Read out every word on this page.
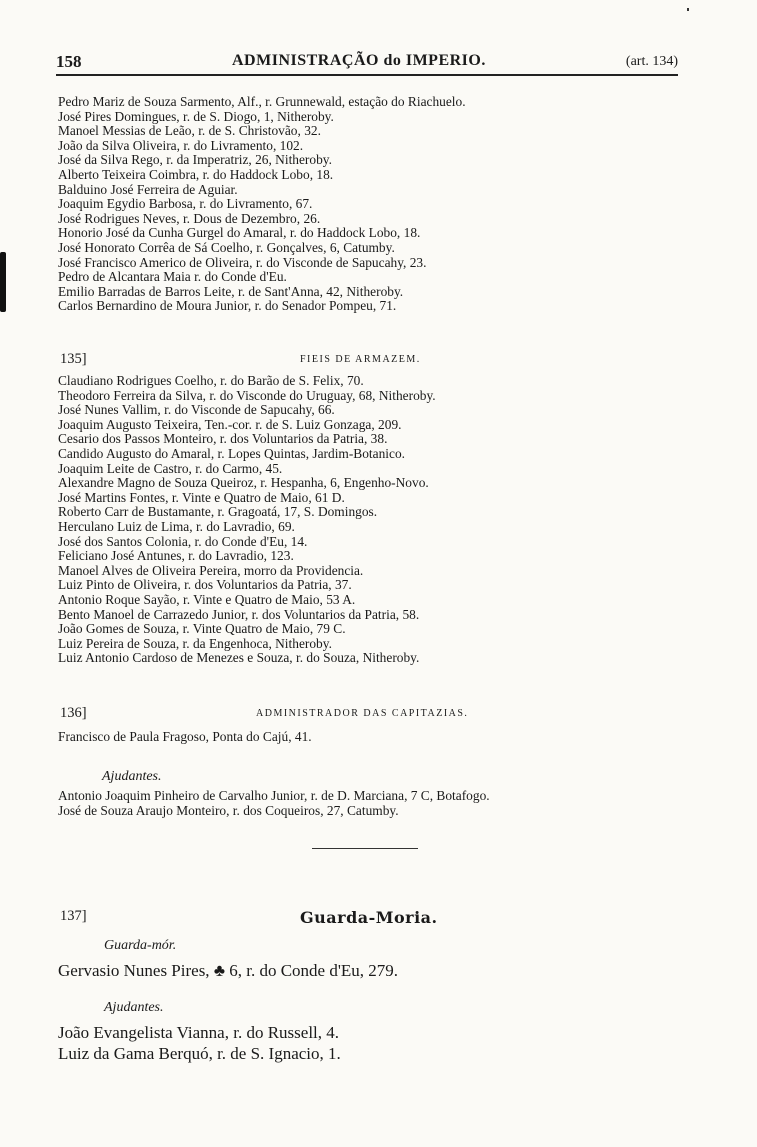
158	ADMINISTRAÇÃO do IMPERIO.	(art. 134)
Pedro Mariz de Souza Sarmento, Alf., r. Grunnewald, estação do Riachuelo.
José Pires Domingues, r. de S. Diogo, 1, Nitheroby.
Manoel Messias de Leão, r. de S. Christovão, 32.
João da Silva Oliveira, r. do Livramento, 102.
José da Silva Rego, r. da Imperatriz, 26, Nitheroby.
Alberto Teixeira Coimbra, r. do Haddock Lobo, 18.
Balduino José Ferreira de Aguiar.
Joaquim Egydio Barbosa, r. do Livramento, 67.
José Rodrigues Neves, r. Dous de Dezembro, 26.
Honorio José da Cunha Gurgel do Amaral, r. do Haddock Lobo, 18.
José Honorato Corrêa de Sá Coelho, r. Gonçalves, 6, Catumby.
José Francisco Americo de Oliveira, r. do Visconde de Sapucahy, 23.
Pedro de Alcantara Maia r. do Conde d'Eu.
Emilio Barradas de Barros Leite, r. de Sant'Anna, 42, Nitheroby.
Carlos Bernardino de Moura Junior, r. do Senador Pompeu, 71.
135]	FIEIS DE ARMAZEM.
Claudiano Rodrigues Coelho, r. do Barão de S. Felix, 70.
Theodoro Ferreira da Silva, r. do Visconde do Uruguay, 68, Nitheroby.
José Nunes Vallim, r. do Visconde de Sapucahy, 66.
Joaquim Augusto Teixeira, Ten.-cor. r. de S. Luiz Gonzaga, 209.
Cesario dos Passos Monteiro, r. dos Voluntarios da Patria, 38.
Candido Augusto do Amaral, r. Lopes Quintas, Jardim-Botanico.
Joaquim Leite de Castro, r. do Carmo, 45.
Alexandre Magno de Souza Queiroz, r. Hespanha, 6, Engenho-Novo.
José Martins Fontes, r. Vinte e Quatro de Maio, 61 D.
Roberto Carr de Bustamante, r. Gragoatá, 17, S. Domingos.
Herculano Luiz de Lima, r. do Lavradio, 69.
José dos Santos Colonia, r. do Conde d'Eu, 14.
Feliciano José Antunes, r. do Lavradio, 123.
Manoel Alves de Oliveira Pereira, morro da Providencia.
Luiz Pinto de Oliveira, r. dos Voluntarios da Patria, 37.
Antonio Roque Sayão, r. Vinte e Quatro de Maio, 53 A.
Bento Manoel de Carrazedo Junior, r. dos Voluntarios da Patria, 58.
João Gomes de Souza, r. Vinte Quatro de Maio, 79 C.
Luiz Pereira de Souza, r. da Engenhoca, Nitheroby.
Luiz Antonio Cardoso de Menezes e Souza, r. do Souza, Nitheroby.
136]	ADMINISTRADOR DAS CAPITAZIAS.
Francisco de Paula Fragoso, Ponta do Cajú, 41.
Ajudantes.
Antonio Joaquim Pinheiro de Carvalho Junior, r. de D. Marciana, 7 C, Botafogo.
José de Souza Araujo Monteiro, r. dos Coqueiros, 27, Catumby.
137]	Guarda-Moria.
Guarda-mór.
Gervasio Nunes Pires, ♣ 6, r. do Conde d'Eu, 279.
Ajudantes.
João Evangelista Vianna, r. do Russell, 4.
Luiz da Gama Berquó, r. de S. Ignacio, 1.
